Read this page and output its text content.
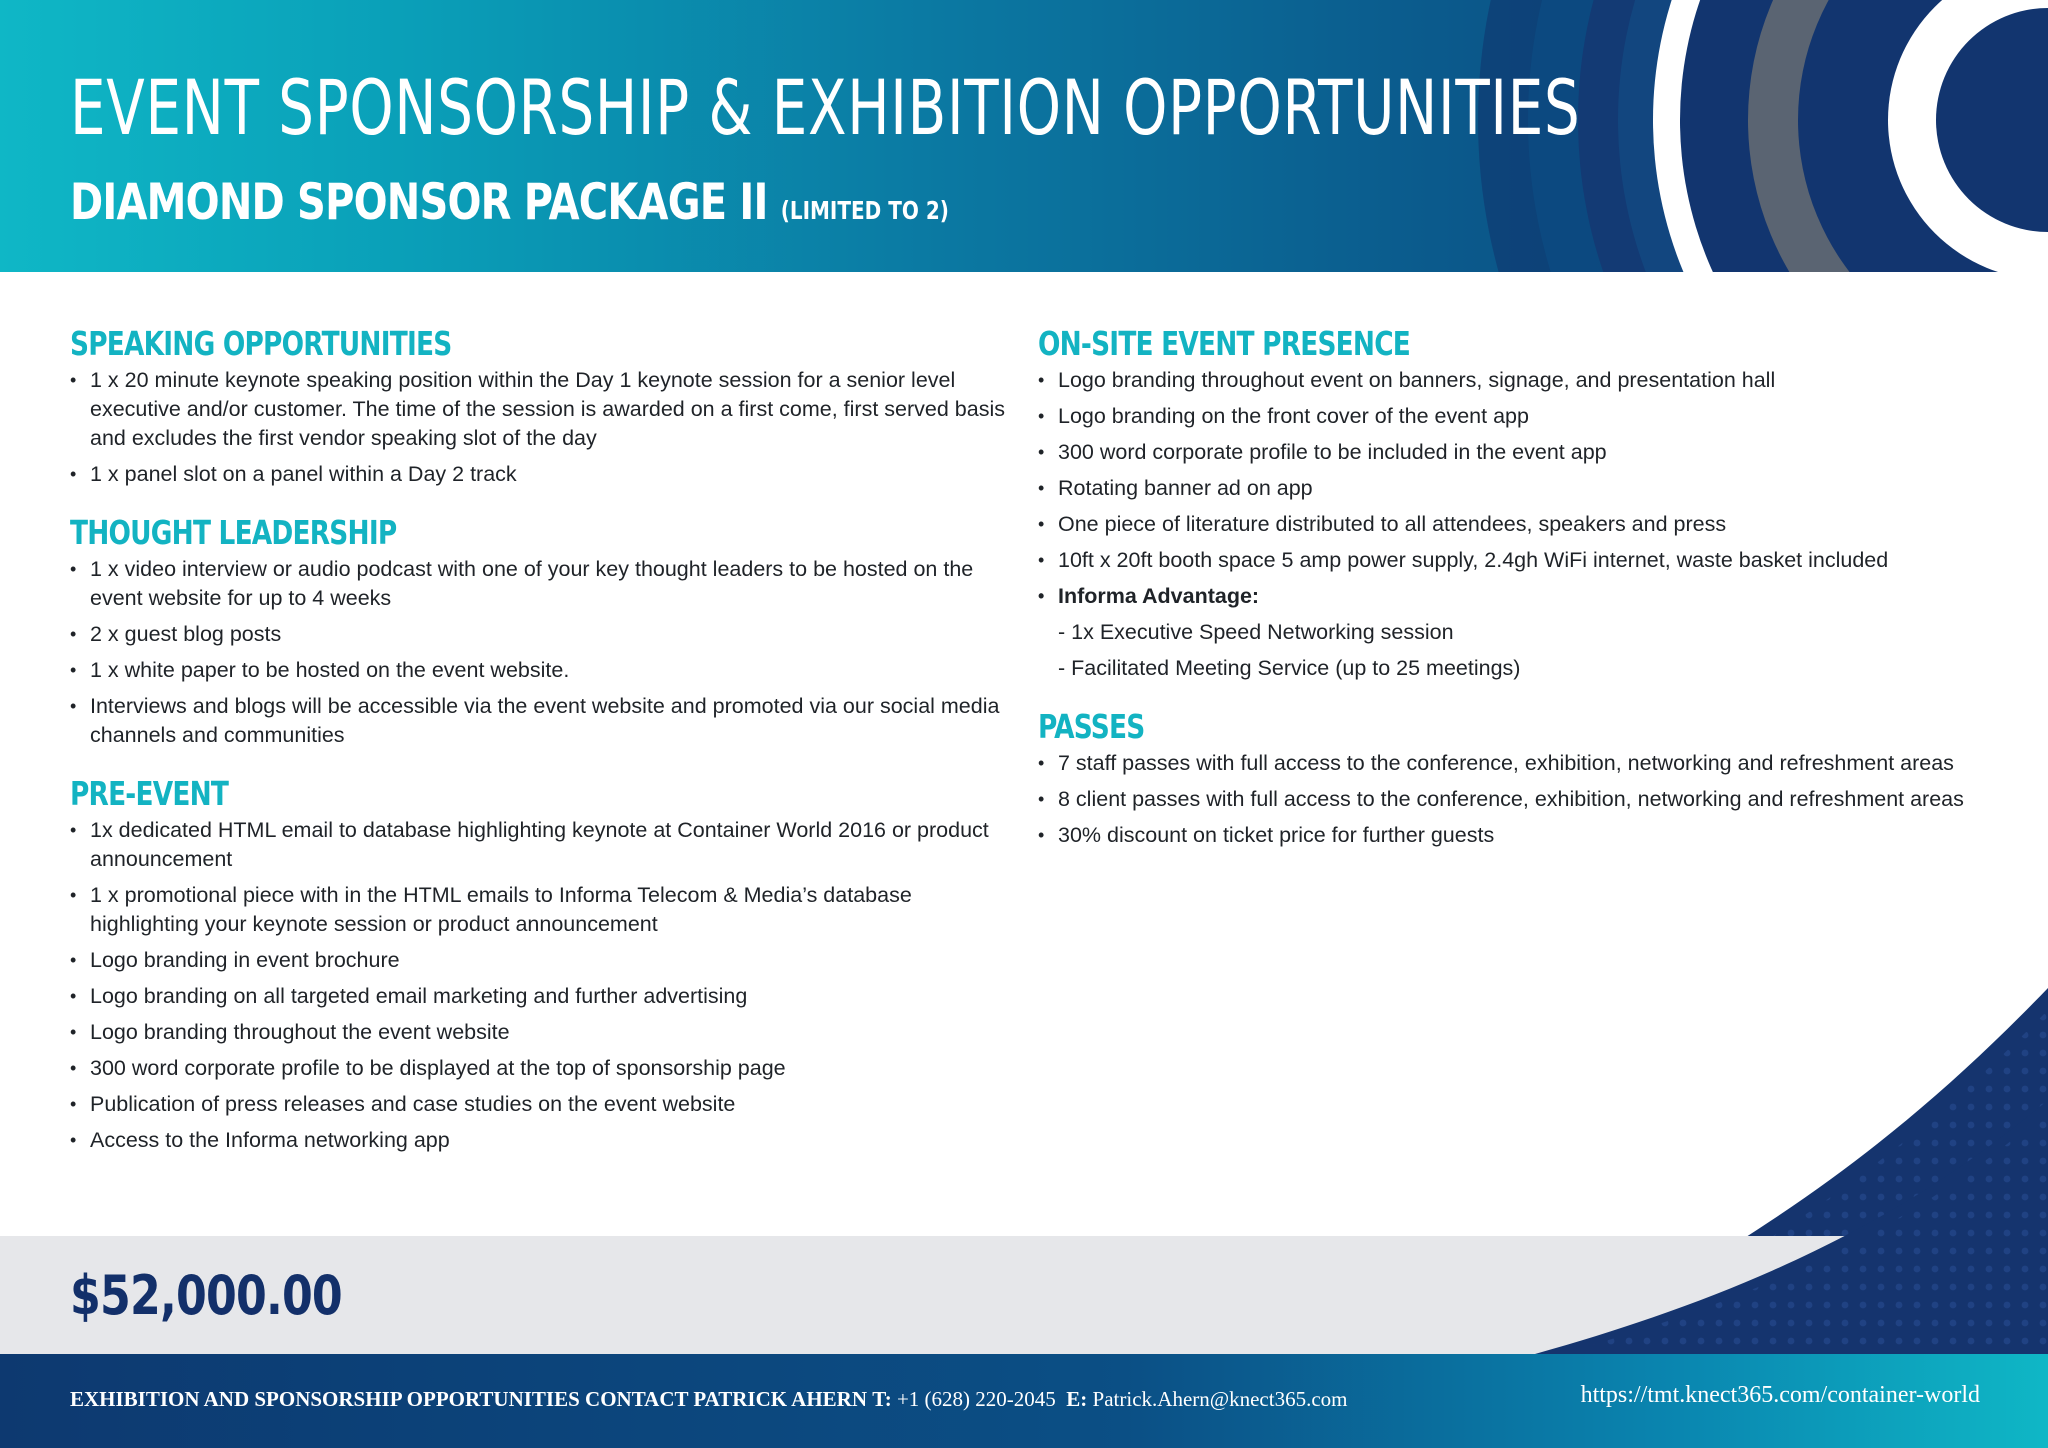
EVENT SPONSORSHIP & EXHIBITION OPPORTUNITIES
DIAMOND SPONSOR PACKAGE II (LIMITED TO 2)
SPEAKING OPPORTUNITIES
• 1 x 20 minute keynote speaking position within the Day 1 keynote session for a senior level executive and/or customer. The time of the session is awarded on a first come, first served basis and excludes the first vendor speaking slot of the day
• 1 x panel slot on a panel within a Day 2 track
THOUGHT LEADERSHIP
• 1 x video interview or audio podcast with one of your key thought leaders to be hosted on the event website for up to 4 weeks
• 2 x guest blog posts
• 1 x white paper to be hosted on the event website.
• Interviews and blogs will be accessible via the event website and promoted via our social media channels and communities
PRE-EVENT
• 1x dedicated HTML email to database highlighting keynote at Container World 2016 or product announcement
• 1 x promotional piece with in the HTML emails to Informa Telecom & Media’s database highlighting your keynote session or product announcement
• Logo branding in event brochure
• Logo branding on all targeted email marketing and further advertising
• Logo branding throughout the event website
• 300 word corporate profile to be displayed at the top of sponsorship page
• Publication of press releases and case studies on the event website
• Access to the Informa networking app
ON-SITE EVENT PRESENCE
• Logo branding throughout event on banners, signage, and presentation hall
• Logo branding on the front cover of the event app
• 300 word corporate profile to be included in the event app
• Rotating banner ad on app
• One piece of literature distributed to all attendees, speakers and press
• 10ft x 20ft booth space 5 amp power supply, 2.4gh WiFi internet, waste basket included
• Informa Advantage:
- 1x Executive Speed Networking session
- Facilitated Meeting Service (up to 25 meetings)
PASSES
• 7 staff passes with full access to the conference, exhibition, networking and refreshment areas
• 8 client passes with full access to the conference, exhibition, networking and refreshment areas
• 30% discount on ticket price for further guests

$52,000.00

EXHIBITION AND SPONSORSHIP OPPORTUNITIES CONTACT PATRICK AHERN T: +1 (628) 220-2045 E: Patrick.Ahern@knect365.com	https://tmt.knect365.com/container-world
